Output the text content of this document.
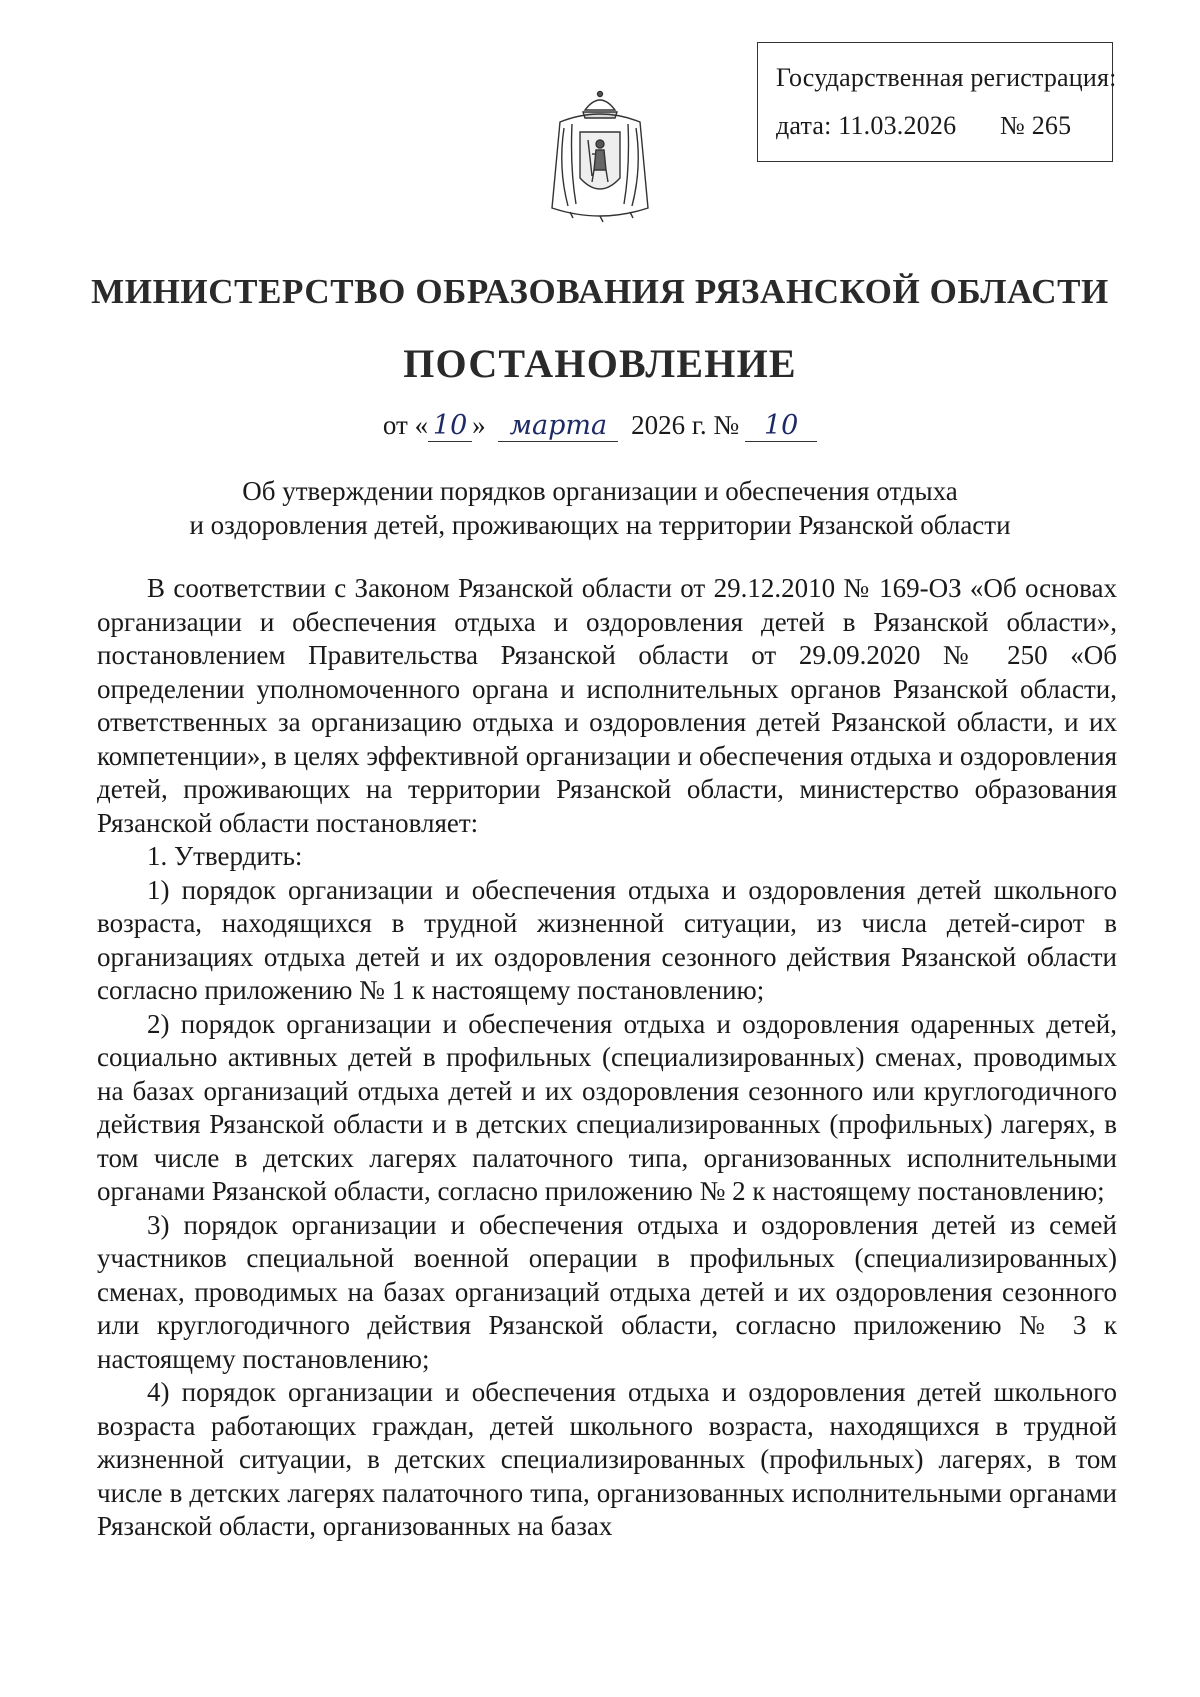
Государственная регистрация:
дата: 11.03.2026 № 265
МИНИСТЕРСТВО ОБРАЗОВАНИЯ РЯЗАНСКОЙ ОБЛАСТИ
ПОСТАНОВЛЕНИЕ
от « 10 » марта 2026 г. № 10
Об утверждении порядков организации и обеспечения отдыха
и оздоровления детей, проживающих на территории Рязанской области

В соответствии с Законом Рязанской области от 29.12.2010 № 169-ОЗ «Об основах организации и обеспечения отдыха и оздоровления детей в Рязанской области», постановлением Правительства Рязанской области от 29.09.2020 № 250 «Об определении уполномоченного органа и исполнительных органов Рязанской области, ответственных за организацию отдыха и оздоровления детей Рязанской области, и их компетенции», в целях эффективной организации и обеспечения отдыха и оздоровления детей, проживающих на территории Рязанской области, министерство образования Рязанской области постановляет:

1. Утвердить:

1) порядок организации и обеспечения отдыха и оздоровления детей школьного возраста, находящихся в трудной жизненной ситуации, из числа детей-сирот в организациях отдыха детей и их оздоровления сезонного действия Рязанской области согласно приложению № 1 к настоящему постановлению;

2) порядок организации и обеспечения отдыха и оздоровления одаренных детей, социально активных детей в профильных (специализированных) сменах, проводимых на базах организаций отдыха детей и их оздоровления сезонного или круглогодичного действия Рязанской области и в детских специализированных (профильных) лагерях, в том числе в детских лагерях палаточного типа, организованных исполнительными органами Рязанской области, согласно приложению № 2 к настоящему постановлению;

3) порядок организации и обеспечения отдыха и оздоровления детей из семей участников специальной военной операции в профильных (специализированных) сменах, проводимых на базах организаций отдыха детей и их оздоровления сезонного или круглогодичного действия Рязанской области, согласно приложению № 3 к настоящему постановлению;

4) порядок организации и обеспечения отдыха и оздоровления детей школьного возраста работающих граждан, детей школьного возраста, находящихся в трудной жизненной ситуации, в детских специализированных (профильных) лагерях, в том числе в детских лагерях палаточного типа, организованных исполнительными органами Рязанской области, организованных на базах
